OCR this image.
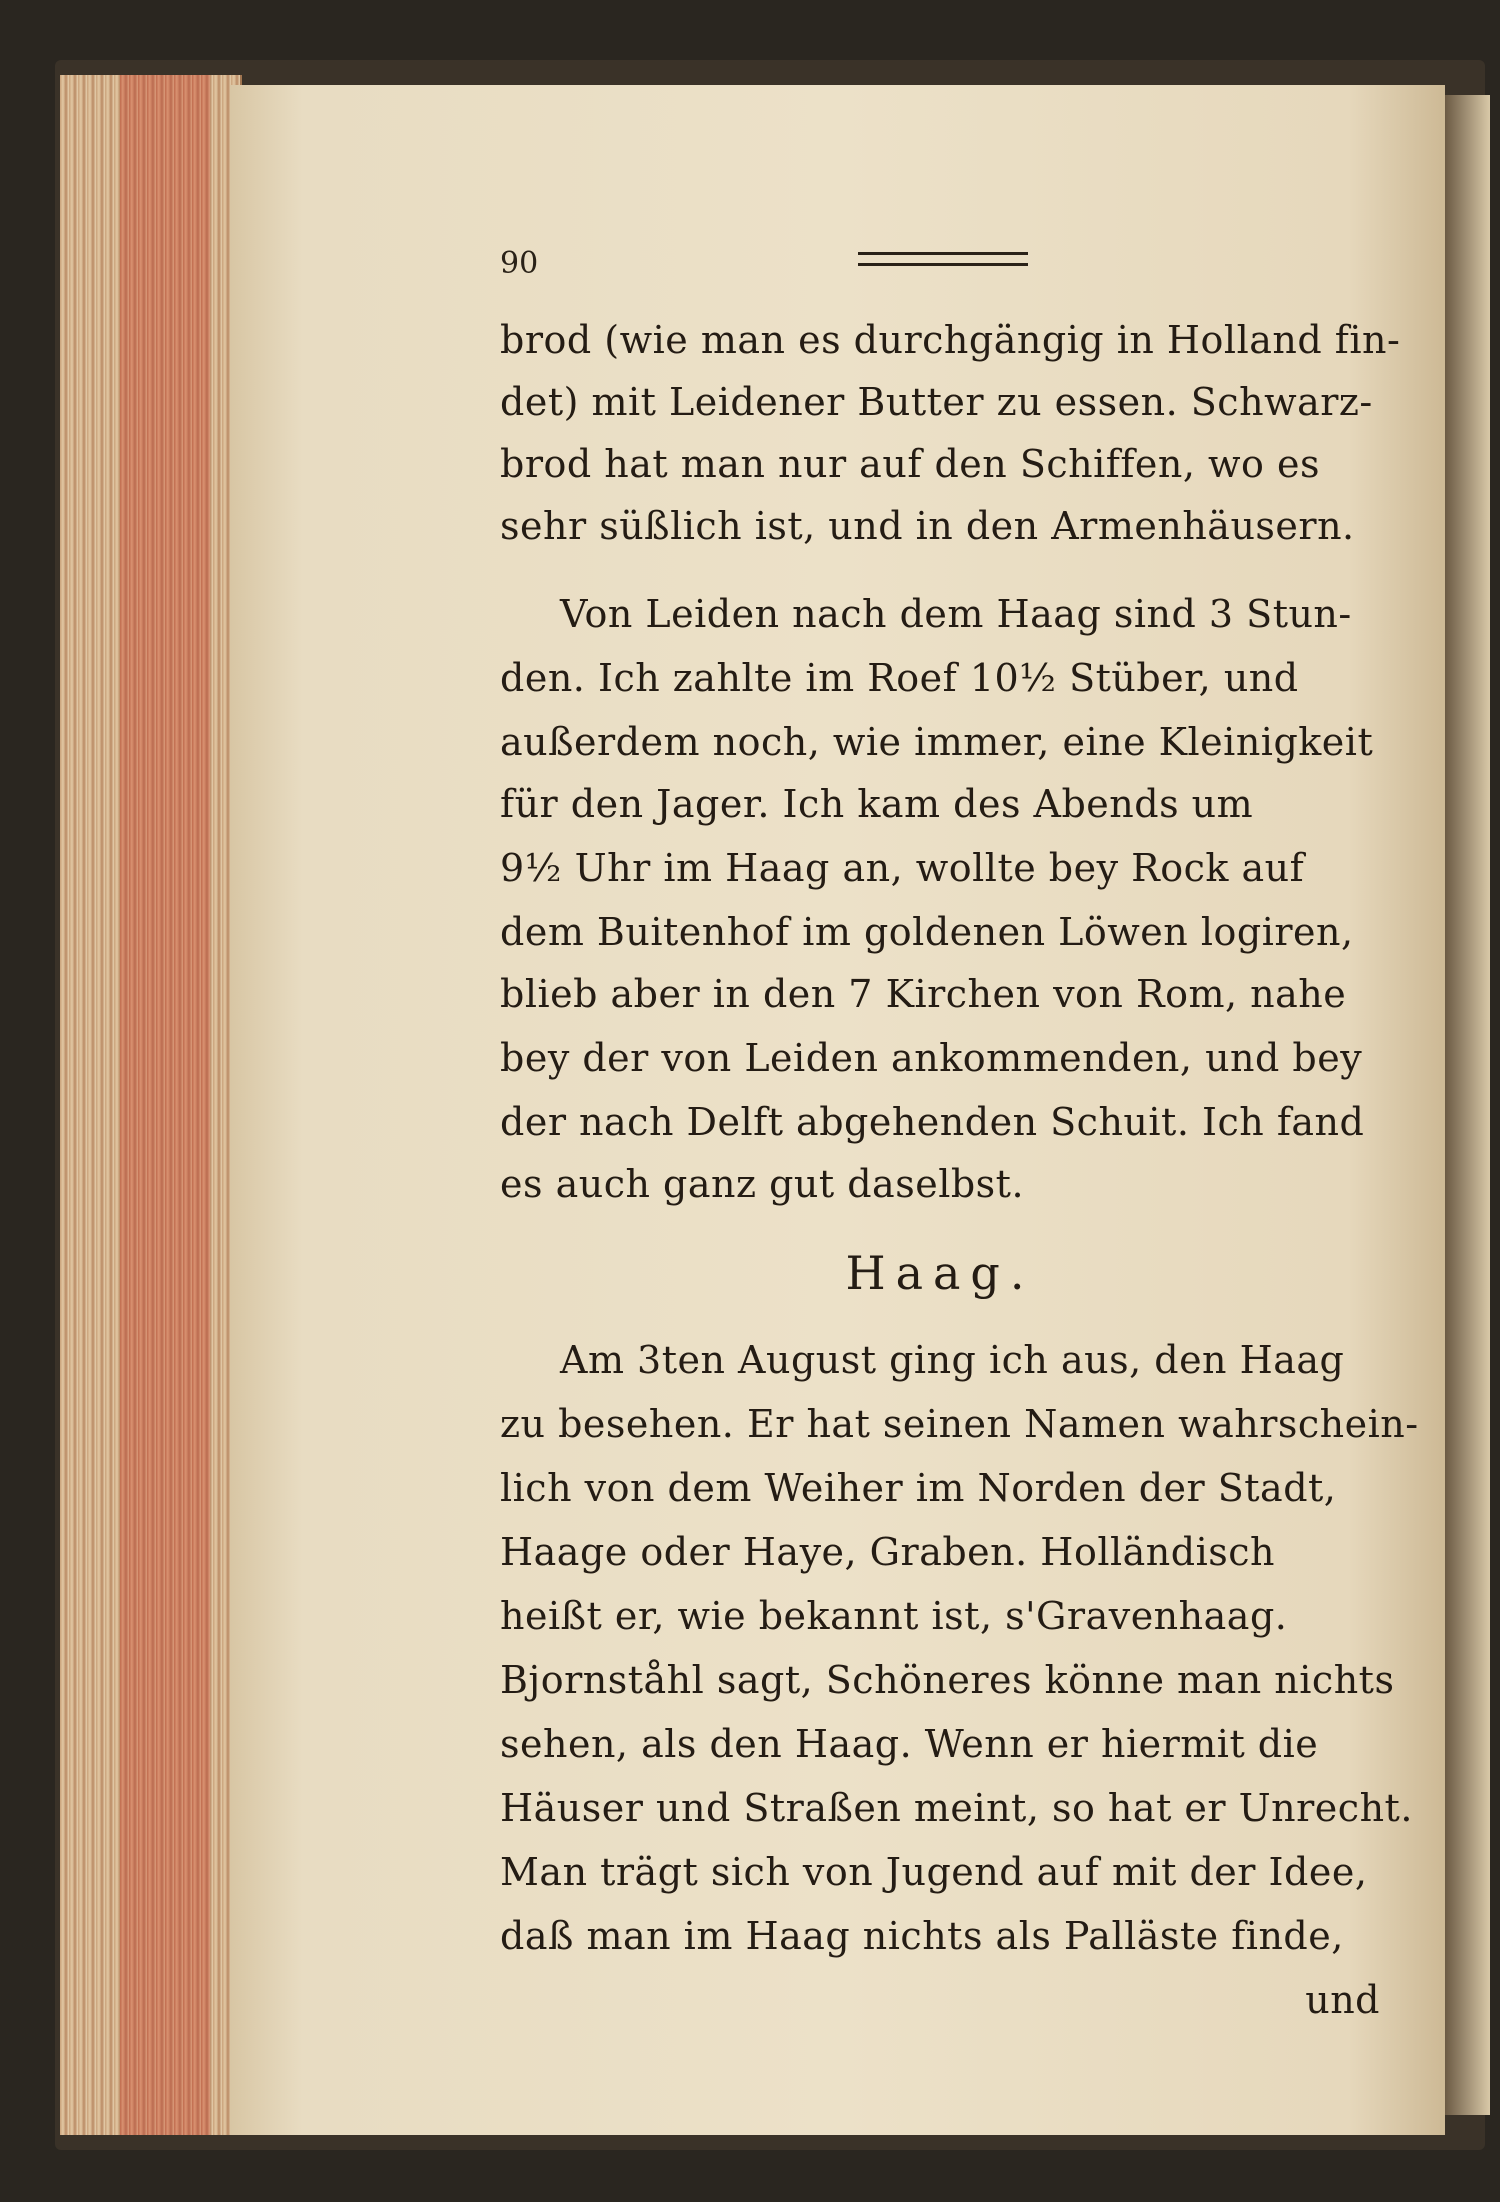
90
brod (wie man es durchgängig in Holland fin-
det) mit Leidener Butter zu essen. Schwarz-
brod hat man nur auf den Schiffen, wo es
sehr süßlich ist, und in den Armenhäusern.
Von Leiden nach dem Haag sind 3 Stun-
den. Ich zahlte im Roef 10½ Stüber, und
außerdem noch, wie immer, eine Kleinigkeit
für den Jager. Ich kam des Abends um
9½ Uhr im Haag an, wollte bey Rock auf
dem Buitenhof im goldenen Löwen logiren,
blieb aber in den 7 Kirchen von Rom, nahe
bey der von Leiden ankommenden, und bey
der nach Delft abgehenden Schuit. Ich fand
es auch ganz gut daselbst.
Haag.
Am 3ten August ging ich aus, den Haag
zu besehen. Er hat seinen Namen wahrschein-
lich von dem Weiher im Norden der Stadt,
Haage oder Haye, Graben. Holländisch
heißt er, wie bekannt ist, s'Gravenhaag.
Bjornståhl sagt, Schöneres könne man nichts
sehen, als den Haag. Wenn er hiermit die
Häuser und Straßen meint, so hat er Unrecht.
Man trägt sich von Jugend auf mit der Idee,
daß man im Haag nichts als Palläste finde,
und
